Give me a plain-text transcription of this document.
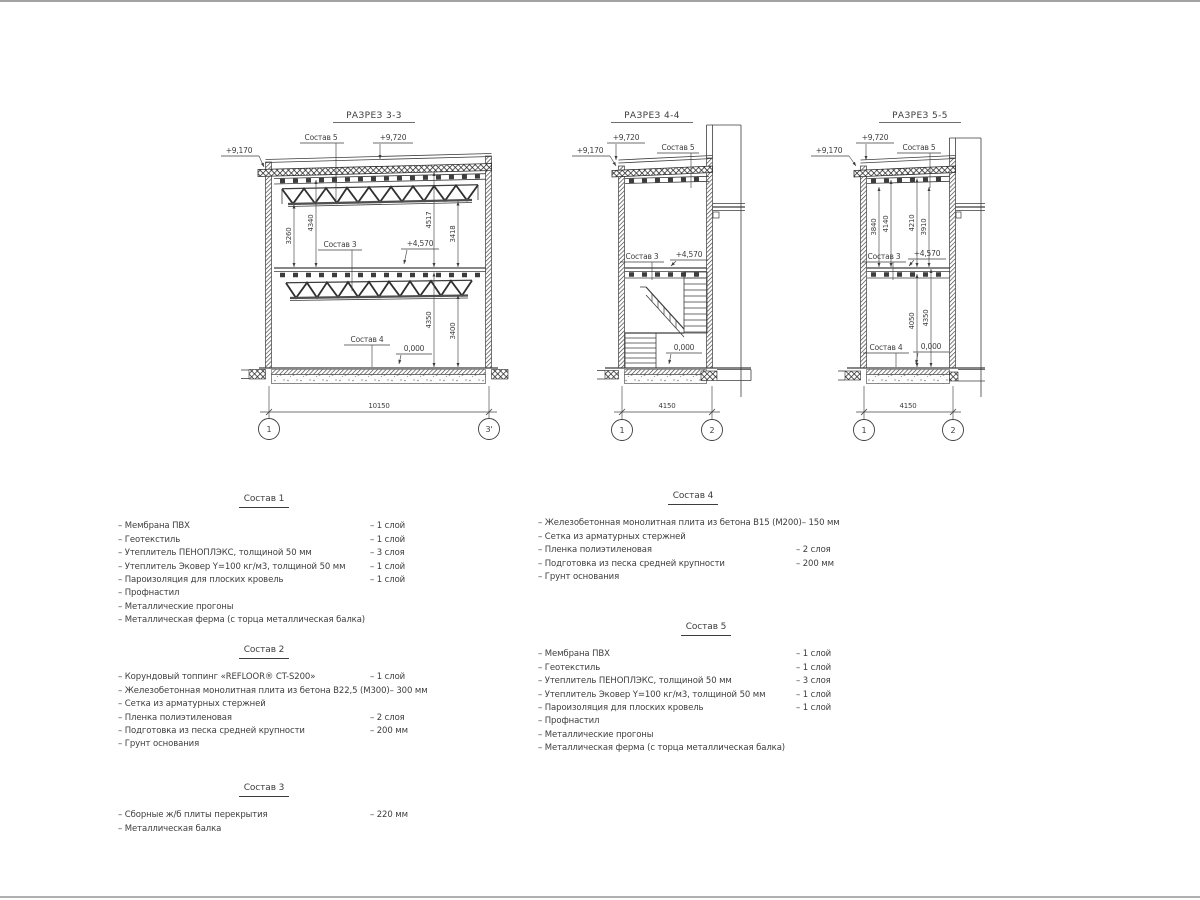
РАЗРЕЗ 3-3
3260
4340	4517
3418
4350
3400
Состав 5	+9,720
+9,170
Состав 3	+4,570
Состав 4
0,000
10150
1	3'
РАЗРЕЗ 4-4
+9,720
Состав 5
+9,170
Состав 3 +4,570
0,000
4150
1	2
РАЗРЕЗ 5-5
3840 4140	4210 3910
4050 4350
+9,720
Состав 5
+9,170
Состав 3 +4,570
Состав 4 0,000
4150
1	2
Состав 1
– Мембрана ПВХ	– 1 слой
– Геотекстиль	– 1 слой
– Утеплитель ПЕНОПЛЭКС, толщиной 50 мм	– 3 слоя
– Утеплитель Эковер Y=100 кг/м3, толщиной 50 мм	– 1 слой
– Пароизоляция для плоских кровель	– 1 слой
– Профнастил
– Металлические прогоны
– Металлическая ферма (с торца металлическая балка)
Состав 2
– Корундовый топпинг «REFLOOR® CT-S200»	– 1 слой
– Железобетонная монолитная плита из бетона B22,5 (М300) – 300 мм
– Сетка из арматурных стержней
– Пленка полиэтиленовая	– 2 слоя
– Подготовка из песка средней крупности	– 200 мм
– Грунт основания
Состав 3
– Сборные ж/б плиты перекрытия	– 220 мм
– Металлическая балка
Состав 4
– Железобетонная монолитная плита из бетона B15 (М200) – 150 мм
– Сетка из арматурных стержней
– Пленка полиэтиленовая	– 2 слоя
– Подготовка из песка средней крупности	– 200 мм
– Грунт основания
Состав 5
– Мембрана ПВХ	– 1 слой
– Геотекстиль	– 1 слой
– Утеплитель ПЕНОПЛЭКС, толщиной 50 мм	– 3 слоя
– Утеплитель Эковер Y=100 кг/м3, толщиной 50 мм	– 1 слой
– Пароизоляция для плоских кровель	– 1 слой
– Профнастил
– Металлические прогоны
– Металлическая ферма (с торца металлическая балка)
